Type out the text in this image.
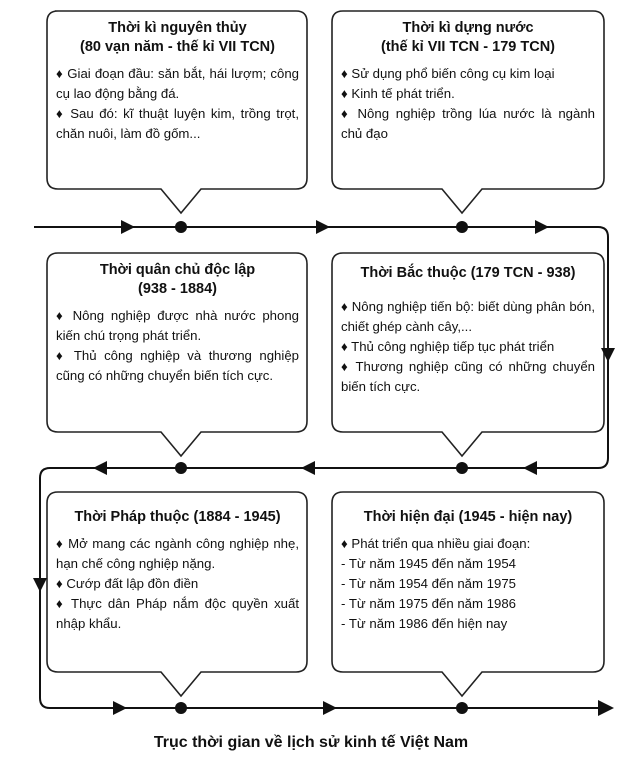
Thời kì nguyên thủy
(80 vạn năm - thế kỉ VII TCN)

♦ Giai đoạn đầu: săn bắt, hái lượm; công cụ lao động bằng đá.

♦ Sau đó: kĩ thuật luyện kim, trồng trọt, chăn nuôi, làm đồ gốm...

Thời kì dựng nước
(thế kỉ VII TCN - 179 TCN)

♦ Sử dụng phổ biến công cụ kim loại

♦ Kinh tế phát triển.

♦ Nông nghiệp trồng lúa nước là ngành chủ đạo

Thời quân chủ độc lập
(938 - 1884)

♦ Nông nghiệp được nhà nước phong kiến chú trọng phát triển.

♦ Thủ công nghiệp và thương nghiệp cũng có những chuyển biến tích cực.

Thời Bắc thuộc (179 TCN - 938)

♦ Nông nghiệp tiến bộ: biết dùng phân bón, chiết ghép cành cây,...

♦ Thủ công nghiệp tiếp tục phát triển

♦ Thương nghiệp cũng có những chuyển biến tích cực.

Thời Pháp thuộc (1884 - 1945)

♦ Mở mang các ngành công nghiệp nhẹ, hạn chế công nghiệp nặng.

♦ Cướp đất lập đồn điền

♦ Thực dân Pháp nắm độc quyền xuất nhập khẩu.

Thời hiện đại (1945 - hiện nay)

♦ Phát triển qua nhiều giai đoạn:

- Từ năm 1945 đến năm 1954

- Từ năm 1954 đến năm 1975

- Từ năm 1975 đến năm 1986

- Từ năm 1986 đến hiện nay

Trục thời gian về lịch sử kinh tế Việt Nam
